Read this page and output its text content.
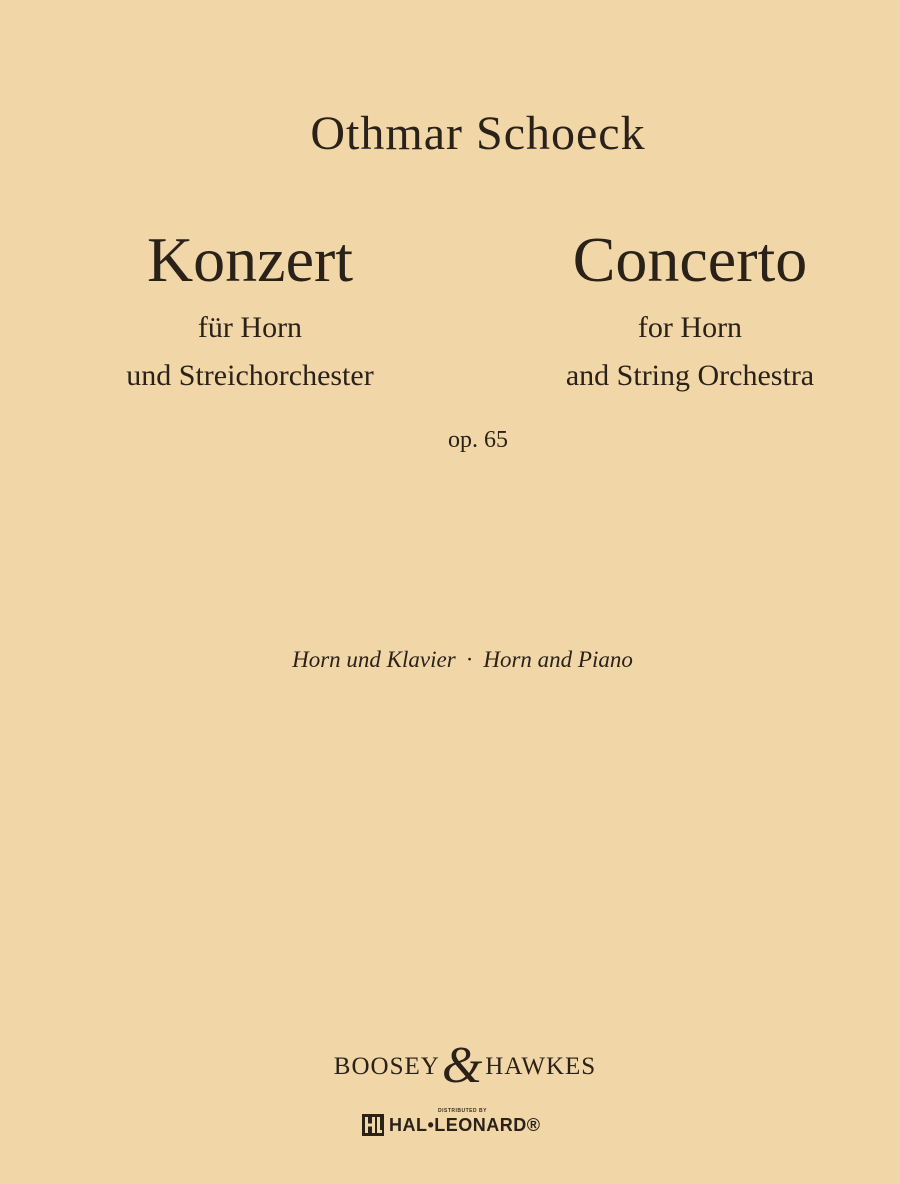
Othmar Schoeck
Konzert
für Horn
und Streichorchester
Concerto
for Horn
and String Orchestra
op. 65
Horn und Klavier · Horn and Piano
BOOSEY&HAWKES
DISTRIBUTED BY
HAL•LEONARD®
